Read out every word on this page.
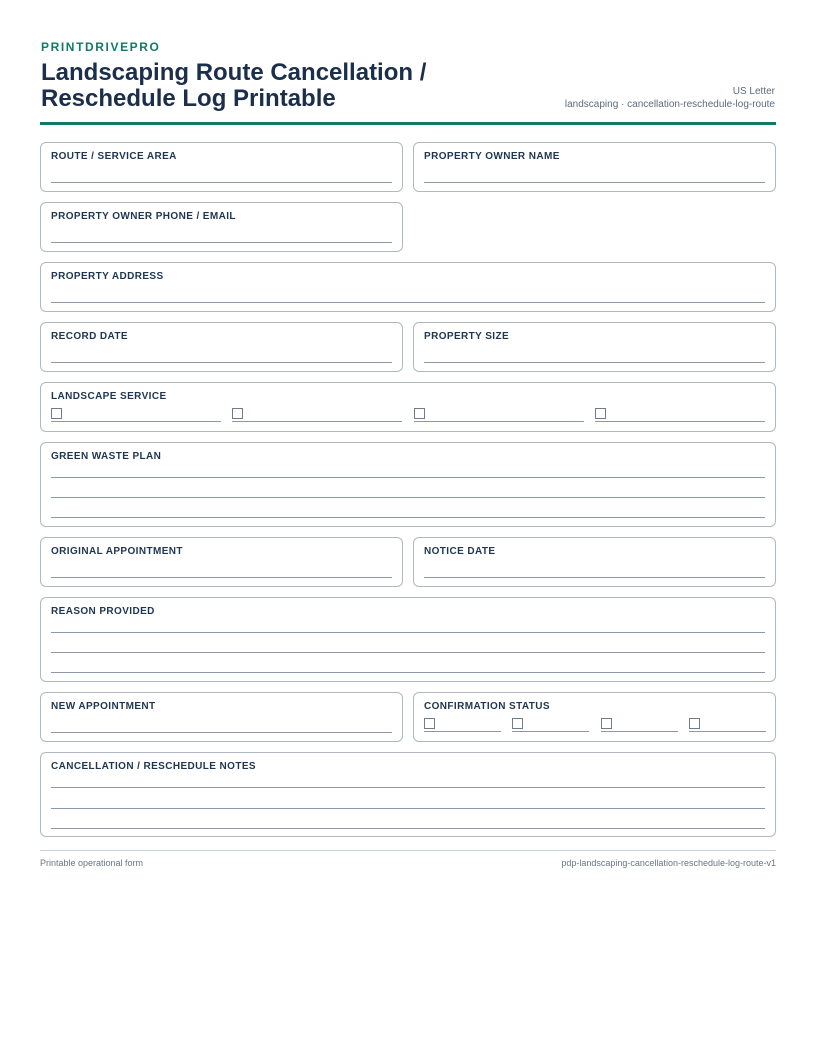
PRINTDRIVEPRO
Landscaping Route Cancellation / Reschedule Log Printable	US Letter
landscaping · cancellation-reschedule-log-route
ROUTE / SERVICE AREA	PROPERTY OWNER NAME
PROPERTY OWNER PHONE / EMAIL
PROPERTY ADDRESS
RECORD DATE	PROPERTY SIZE
LANDSCAPE SERVICE
GREEN WASTE PLAN
ORIGINAL APPOINTMENT	NOTICE DATE
REASON PROVIDED
NEW APPOINTMENT	CONFIRMATION STATUS
CANCELLATION / RESCHEDULE NOTES
Printable operational form	pdp-landscaping-cancellation-reschedule-log-route-v1
